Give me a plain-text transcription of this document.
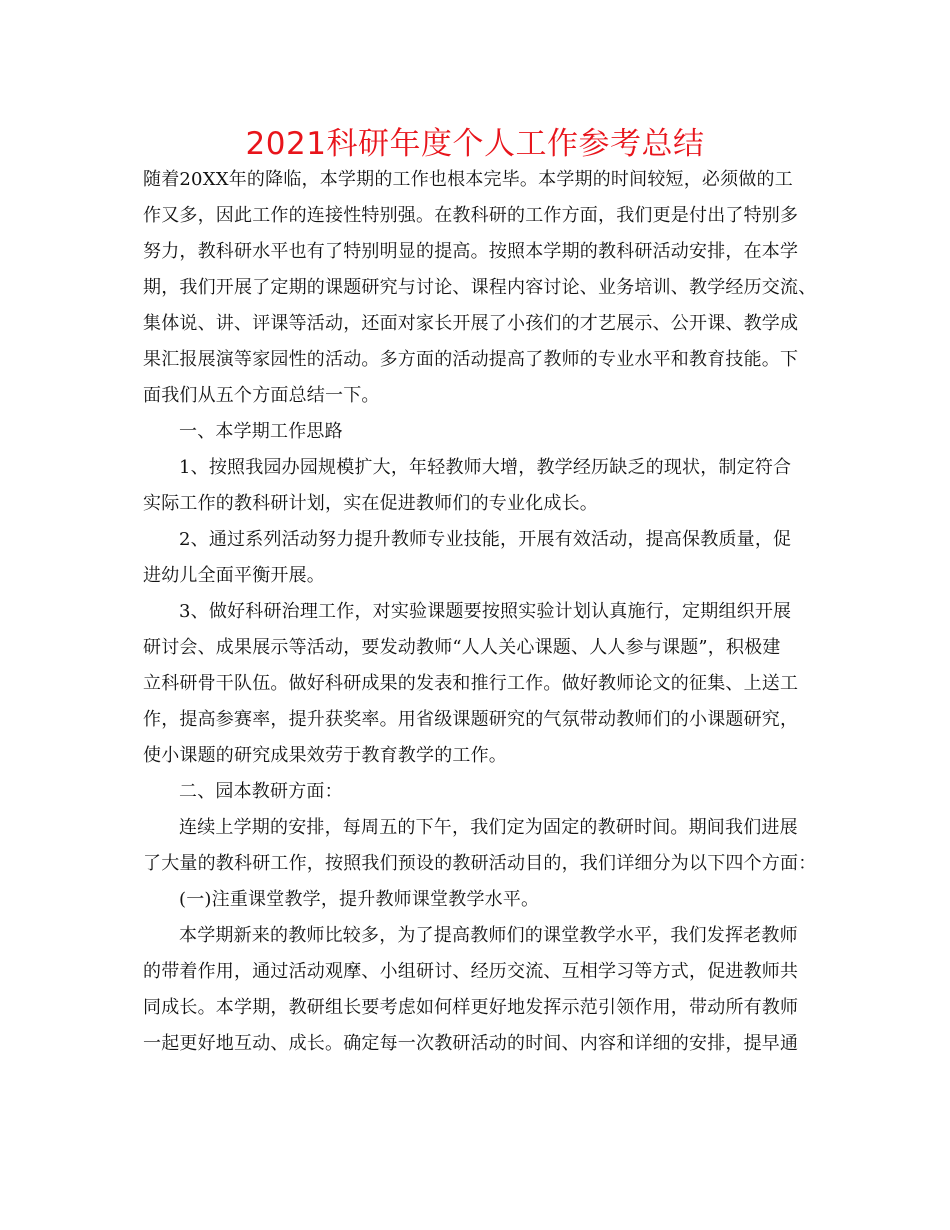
2021科研年度个人工作参考总结
随着20XX年的降临，本学期的工作也根本完毕。本学期的时间较短，必须做的工
作又多，因此工作的连接性特别强。在教科研的工作方面，我们更是付出了特别多
努力，教科研水平也有了特别明显的提高。按照本学期的教科研活动安排，在本学
期，我们开展了定期的课题研究与讨论、课程内容讨论、业务培训、教学经历交流、
集体说、讲、评课等活动，还面对家长开展了小孩们的才艺展示、公开课、教学成
果汇报展演等家园性的活动。多方面的活动提高了教师的专业水平和教育技能。下
面我们从五个方面总结一下。
一、本学期工作思路
1、按照我园办园规模扩大，年轻教师大增，教学经历缺乏的现状，制定符合
实际工作的教科研计划，实在促进教师们的专业化成长。
2、通过系列活动努力提升教师专业技能，开展有效活动，提高保教质量，促
进幼儿全面平衡开展。
3、做好科研治理工作，对实验课题要按照实验计划认真施行，定期组织开展
研讨会、成果展示等活动，要发动教师“人人关心课题、人人参与课题”，积极建
立科研骨干队伍。做好科研成果的发表和推行工作。做好教师论文的征集、上送工
作，提高参赛率，提升获奖率。用省级课题研究的气氛带动教师们的小课题研究，
使小课题的研究成果效劳于教育教学的工作。
二、园本教研方面：
连续上学期的安排，每周五的下午，我们定为固定的教研时间。期间我们进展
了大量的教科研工作，按照我们预设的教研活动目的，我们详细分为以下四个方面：
(一)注重课堂教学，提升教师课堂教学水平。
本学期新来的教师比较多，为了提高教师们的课堂教学水平，我们发挥老教师
的带着作用，通过活动观摩、小组研讨、经历交流、互相学习等方式，促进教师共
同成长。本学期，教研组长要考虑如何样更好地发挥示范引领作用，带动所有教师
一起更好地互动、成长。确定每一次教研活动的时间、内容和详细的安排，提早通
